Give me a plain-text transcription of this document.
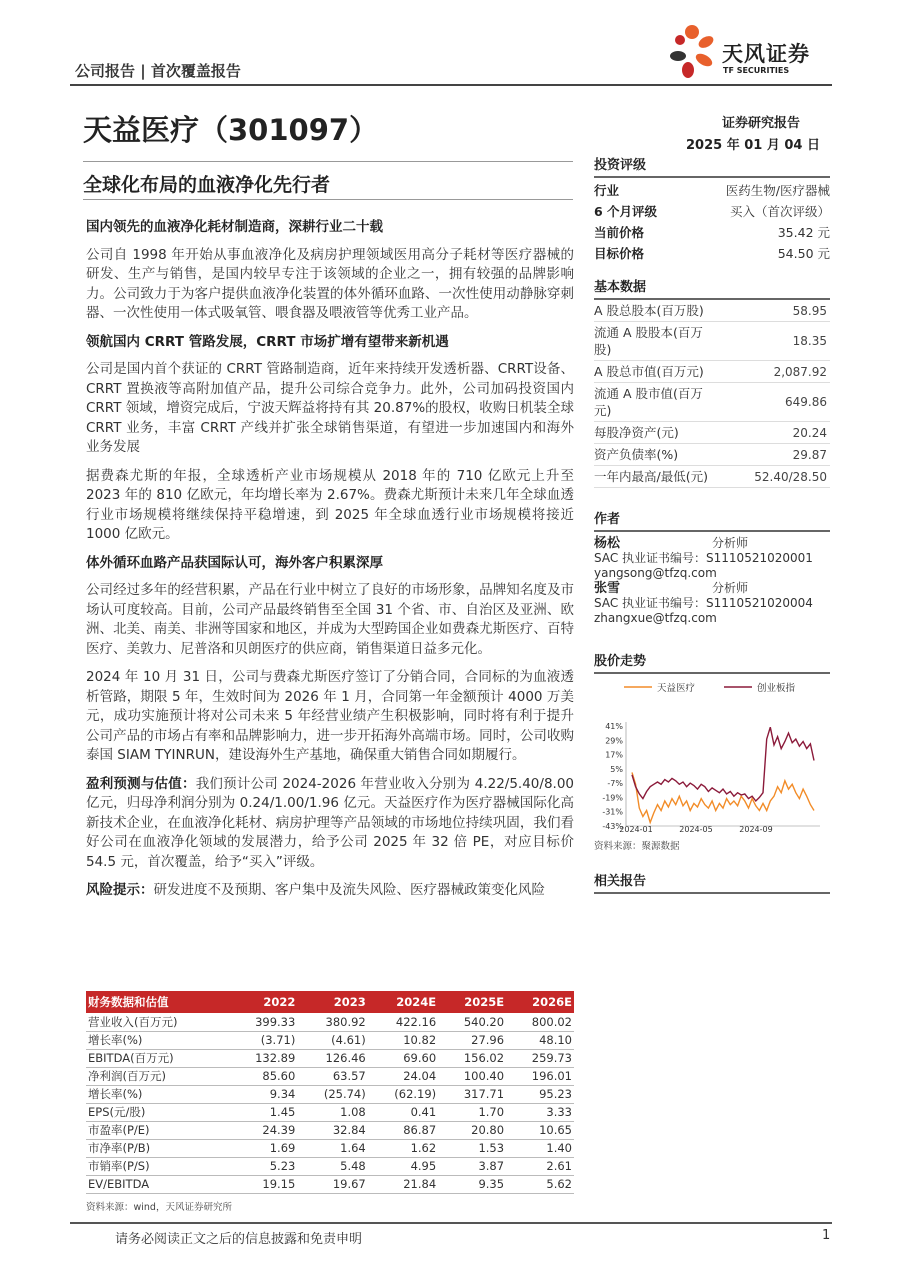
公司报告 | 首次覆盖报告
天风证券
TF SECURITIES
天益医疗（301097）	证券研究报告
2025 年 01 月 04 日
全球化布局的血液净化先行者
国内领先的血液净化耗材制造商，深耕行业二十载

公司自 1998 年开始从事血液净化及病房护理领域医用高分子耗材等医疗器械的研发、生产与销售，是国内较早专注于该领域的企业之一，拥有较强的品牌影响力。公司致力于为客户提供血液净化装置的体外循环血路、一次性使用动静脉穿刺器、一次性使用一体式吸氧管、喂食器及喂液管等优秀工业产品。

领航国内 CRRT 管路发展，CRRT 市场扩增有望带来新机遇

公司是国内首个获证的 CRRT 管路制造商，近年来持续开发透析器、CRRT设备、CRRT 置换液等高附加值产品，提升公司综合竞争力。此外，公司加码投资国内 CRRT 领域，增资完成后，宁波天辉益将持有其 20.87%的股权，收购日机装全球 CRRT 业务，丰富 CRRT 产线并扩张全球销售渠道，有望进一步加速国内和海外业务发展

据费森尤斯的年报，全球透析产业市场规模从 2018 年的 710 亿欧元上升至 2023 年的 810 亿欧元，年均增长率为 2.67%。费森尤斯预计未来几年全球血透行业市场规模将继续保持平稳增速，到 2025 年全球血透行业市场规模将接近 1000 亿欧元。

体外循环血路产品获国际认可，海外客户积累深厚

公司经过多年的经营积累，产品在行业中树立了良好的市场形象，品牌知名度及市场认可度较高。目前，公司产品最终销售至全国 31 个省、市、自治区及亚洲、欧洲、北美、南美、非洲等国家和地区，并成为大型跨国企业如费森尤斯医疗、百特医疗、美敦力、尼普洛和贝朗医疗的供应商，销售渠道日益多元化。

2024 年 10 月 31 日，公司与费森尤斯医疗签订了分销合同，合同标的为血液透析管路，期限 5 年，生效时间为 2026 年 1 月，合同第一年金额预计 4000 万美元，成功实施预计将对公司未来 5 年经营业绩产生积极影响，同时将有利于提升公司产品的市场占有率和品牌影响力，进一步开拓海外高端市场。同时，公司收购泰国 SIAM TYINRUN，建设海外生产基地，确保重大销售合同如期履行。

盈利预测与估值：我们预计公司 2024-2026 年营业收入分别为 4.22/5.40/8.00 亿元，归母净利润分别为 0.24/1.00/1.96 亿元。天益医疗作为医疗器械国际化高新技术企业，在血液净化耗材、病房护理等产品领域的市场地位持续巩固，我们看好公司在血液净化领域的发展潜力，给予公司 2025 年 32 倍 PE，对应目标价 54.5 元，首次覆盖，给予“买入”评级。

风险提示：研发进度不及预期、客户集中及流失风险、医疗器械政策变化风险

投资评级
行业	医药生物/医疗器械
6 个月评级	买入（首次评级）
当前价格	35.42 元
目标价格	54.50 元
基本数据
A 股总股本(百万股)	58.95
流通 A 股股本(百万股)
18.35
A 股总市值(百万元)	2,087.92
流通 A 股市值(百万元)
649.86
每股净资产(元)	20.24
资产负债率(%)	29.87
一年内最高/最低(元)	52.40/28.50
作者
杨松	分析师
SAC 执业证书编号：S1110521020001
yangsong@tfzq.com
张雪	分析师
SAC 执业证书编号：S1110521020004
zhangxue@tfzq.com
股价走势
天益医疗	创业板指
41%
29%
17%
5%
-7%
-19%
-31%
-43%
2024-01	2024-05	2024-09
资料来源：聚源数据
相关报告
财务数据和估值	2022	2023	2024E	2025E	2026E
营业收入(百万元)	399.33	380.92	422.16	540.20	800.02
增长率(%)	(3.71)	(4.61)	10.82	27.96	48.10
EBITDA(百万元)	132.89	126.46	69.60	156.02	259.73
净利润(百万元)	85.60	63.57	24.04	100.40	196.01
增长率(%)	9.34	(25.74)	(62.19)	317.71	95.23
EPS(元/股)	1.45	1.08	0.41	1.70	3.33
市盈率(P/E)	24.39	32.84	86.87	20.80	10.65
市净率(P/B)	1.69	1.64	1.62	1.53	1.40
市销率(P/S)	5.23	5.48	4.95	3.87	2.61
EV/EBITDA	19.15	19.67	21.84	9.35	5.62
资料来源：wind，天风证券研究所
请务必阅读正文之后的信息披露和免责申明	1
